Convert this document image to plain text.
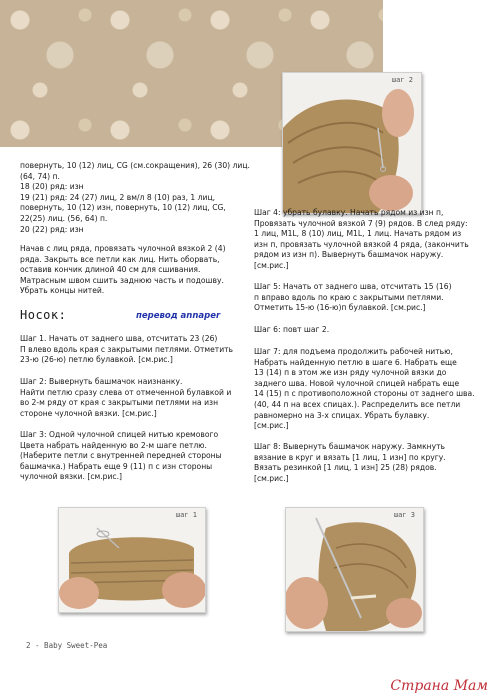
шаг 2
повернуть, 10 (12) лиц, CG (см.сокращения), 26 (30) лиц.
(64, 74) п.
18 (20) ряд: изн
19 (21) ряд: 24 (27) лиц, 2 вм/л 8 (10) раз, 1 лиц,
повернуть, 10 (12) изн, повернуть, 10 (12) лиц, CG,
22(25) лиц. (56, 64) п.
20 (22) ряд: изн
Начав с лиц ряда, провязать чулочной вязкой 2 (4)
ряда. Закрыть все петли как лиц. Нить оборвать,
оставив кончик длиной 40 см для сшивания.
Матрасным швом сшить заднюю часть и подошву.
Убрать концы нитей.
Носок:	перевод annaper
Шаг 1. Начать от заднего шва, отсчитать 23 (26)
П влево вдоль края с закрытыми петлями. Отметить
23-ю (26-ю) петлю булавкой. [см.рис.]
Шаг 2: Вывернуть башмачок наизнанку.
Найти петлю сразу слева от отмеченной булавкой и
во 2-м ряду от края с закрытыми петлями на изн
стороне чулочной вязки. [см.рис.]
Шаг 3: Одной чулочной спицей нитью кремового
Цвета набрать найденную во 2-м шаге петлю.
(Наберите петли с внутренней передней стороны
башмачка.) Набрать еще 9 (11) п с изн стороны
чулочной вязки. [см.рис.]
Шаг 4: убрать булавку. Начать рядом из изн п,
Провязать чулочной вязкой 7 (9) рядов. В след ряду:
1 лиц, M1L, 8 (10) лиц, M1L, 1 лиц. Начать рядом из
изн п, провязать чулочной вязкой 4 ряда, (закончить
рядом из изн п). Вывернуть башмачок наружу.
[см.рис.]
Шаг 5: Начать от заднего шва, отсчитать 15 (16)
п вправо вдоль по краю с закрытыми петлями.
Отметить 15-ю (16-ю)п булавкой. [см.рис.]
Шаг 6: повт шаг 2.
Шаг 7: для подъема продолжить рабочей нитью,
Набрать найденную петлю в шаге 6. Набрать еще
13 (14) п в этом же изн ряду чулочной вязки до
заднего шва. Новой чулочной спицей набрать еще
14 (15) п с противоположной стороны от заднего шва.
(40, 44 п на всех спицах.). Распределить все петли
равномерно на 3-х спицах. Убрать булавку.
[см.рис.]
Шаг 8: Вывернуть башмачок наружу. Замкнуть
вязание в круг и вязать [1 лиц, 1 изн] по кругу.
Вязать резинкой [1 лиц, 1 изн] 25 (28) рядов.
[см.рис.]
шаг 1	шаг 3
2 - Baby Sweet-Pea
Страна Мам
